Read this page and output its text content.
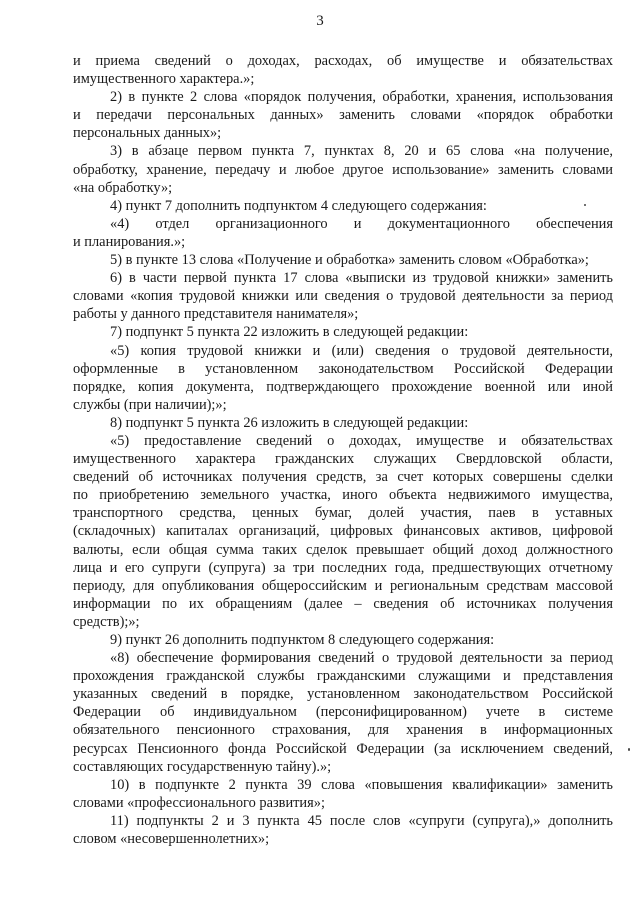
3

и приема сведений о доходах, расходах, об имуществе и обязательствах
имущественного характера.»;

2) в пункте 2 слова «порядок получения, обработки, хранения, использования
и передачи персональных данных» заменить словами «порядок обработки
персональных данных»;

3) в абзаце первом пункта 7, пунктах 8, 20 и 65 слова «на получение,
обработку, хранение, передачу и любое другое использование» заменить словами
«на обработку»;

4) пункт 7 дополнить подпунктом 4 следующего содержания:

«4) отдел организационного и документационного обеспечения
и планирования.»;

5) в пункте 13 слова «Получение и обработка» заменить словом «Обработка»;

6) в части первой пункта 17 слова «выписки из трудовой книжки» заменить
словами «копия трудовой книжки или сведения о трудовой деятельности за период
работы у данного представителя нанимателя»;

7) подпункт 5 пункта 22 изложить в следующей редакции:

«5) копия трудовой книжки и (или) сведения о трудовой деятельности,
оформленные в установленном законодательством Российской Федерации
порядке, копия документа, подтверждающего прохождение военной или иной
службы (при наличии);»;

8) подпункт 5 пункта 26 изложить в следующей редакции:

«5) предоставление сведений о доходах, имуществе и обязательствах
имущественного характера гражданских служащих Свердловской области,
сведений об источниках получения средств, за счет которых совершены сделки
по приобретению земельного участка, иного объекта недвижимого имущества,
транспортного средства, ценных бумаг, долей участия, паев в уставных
(складочных) капиталах организаций, цифровых финансовых активов, цифровой
валюты, если общая сумма таких сделок превышает общий доход должностного
лица и его супруги (супруга) за три последних года, предшествующих отчетному
периоду, для опубликования общероссийским и региональным средствам массовой
информации по их обращениям (далее – сведения об источниках получения
средств);»;

9) пункт 26 дополнить подпунктом 8 следующего содержания:

«8) обеспечение формирования сведений о трудовой деятельности за период
прохождения гражданской службы гражданскими служащими и представления
указанных сведений в порядке, установленном законодательством Российской
Федерации об индивидуальном (персонифицированном) учете в системе
обязательного пенсионного страхования, для хранения в информационных
ресурсах Пенсионного фонда Российской Федерации (за исключением сведений,
составляющих государственную тайну).»;

10) в подпункте 2 пункта 39 слова «повышения квалификации» заменить
словами «профессионального развития»;

11) подпункты 2 и 3 пункта 45 после слов «супруги (супруга),» дополнить
словом «несовершеннолетних»;
